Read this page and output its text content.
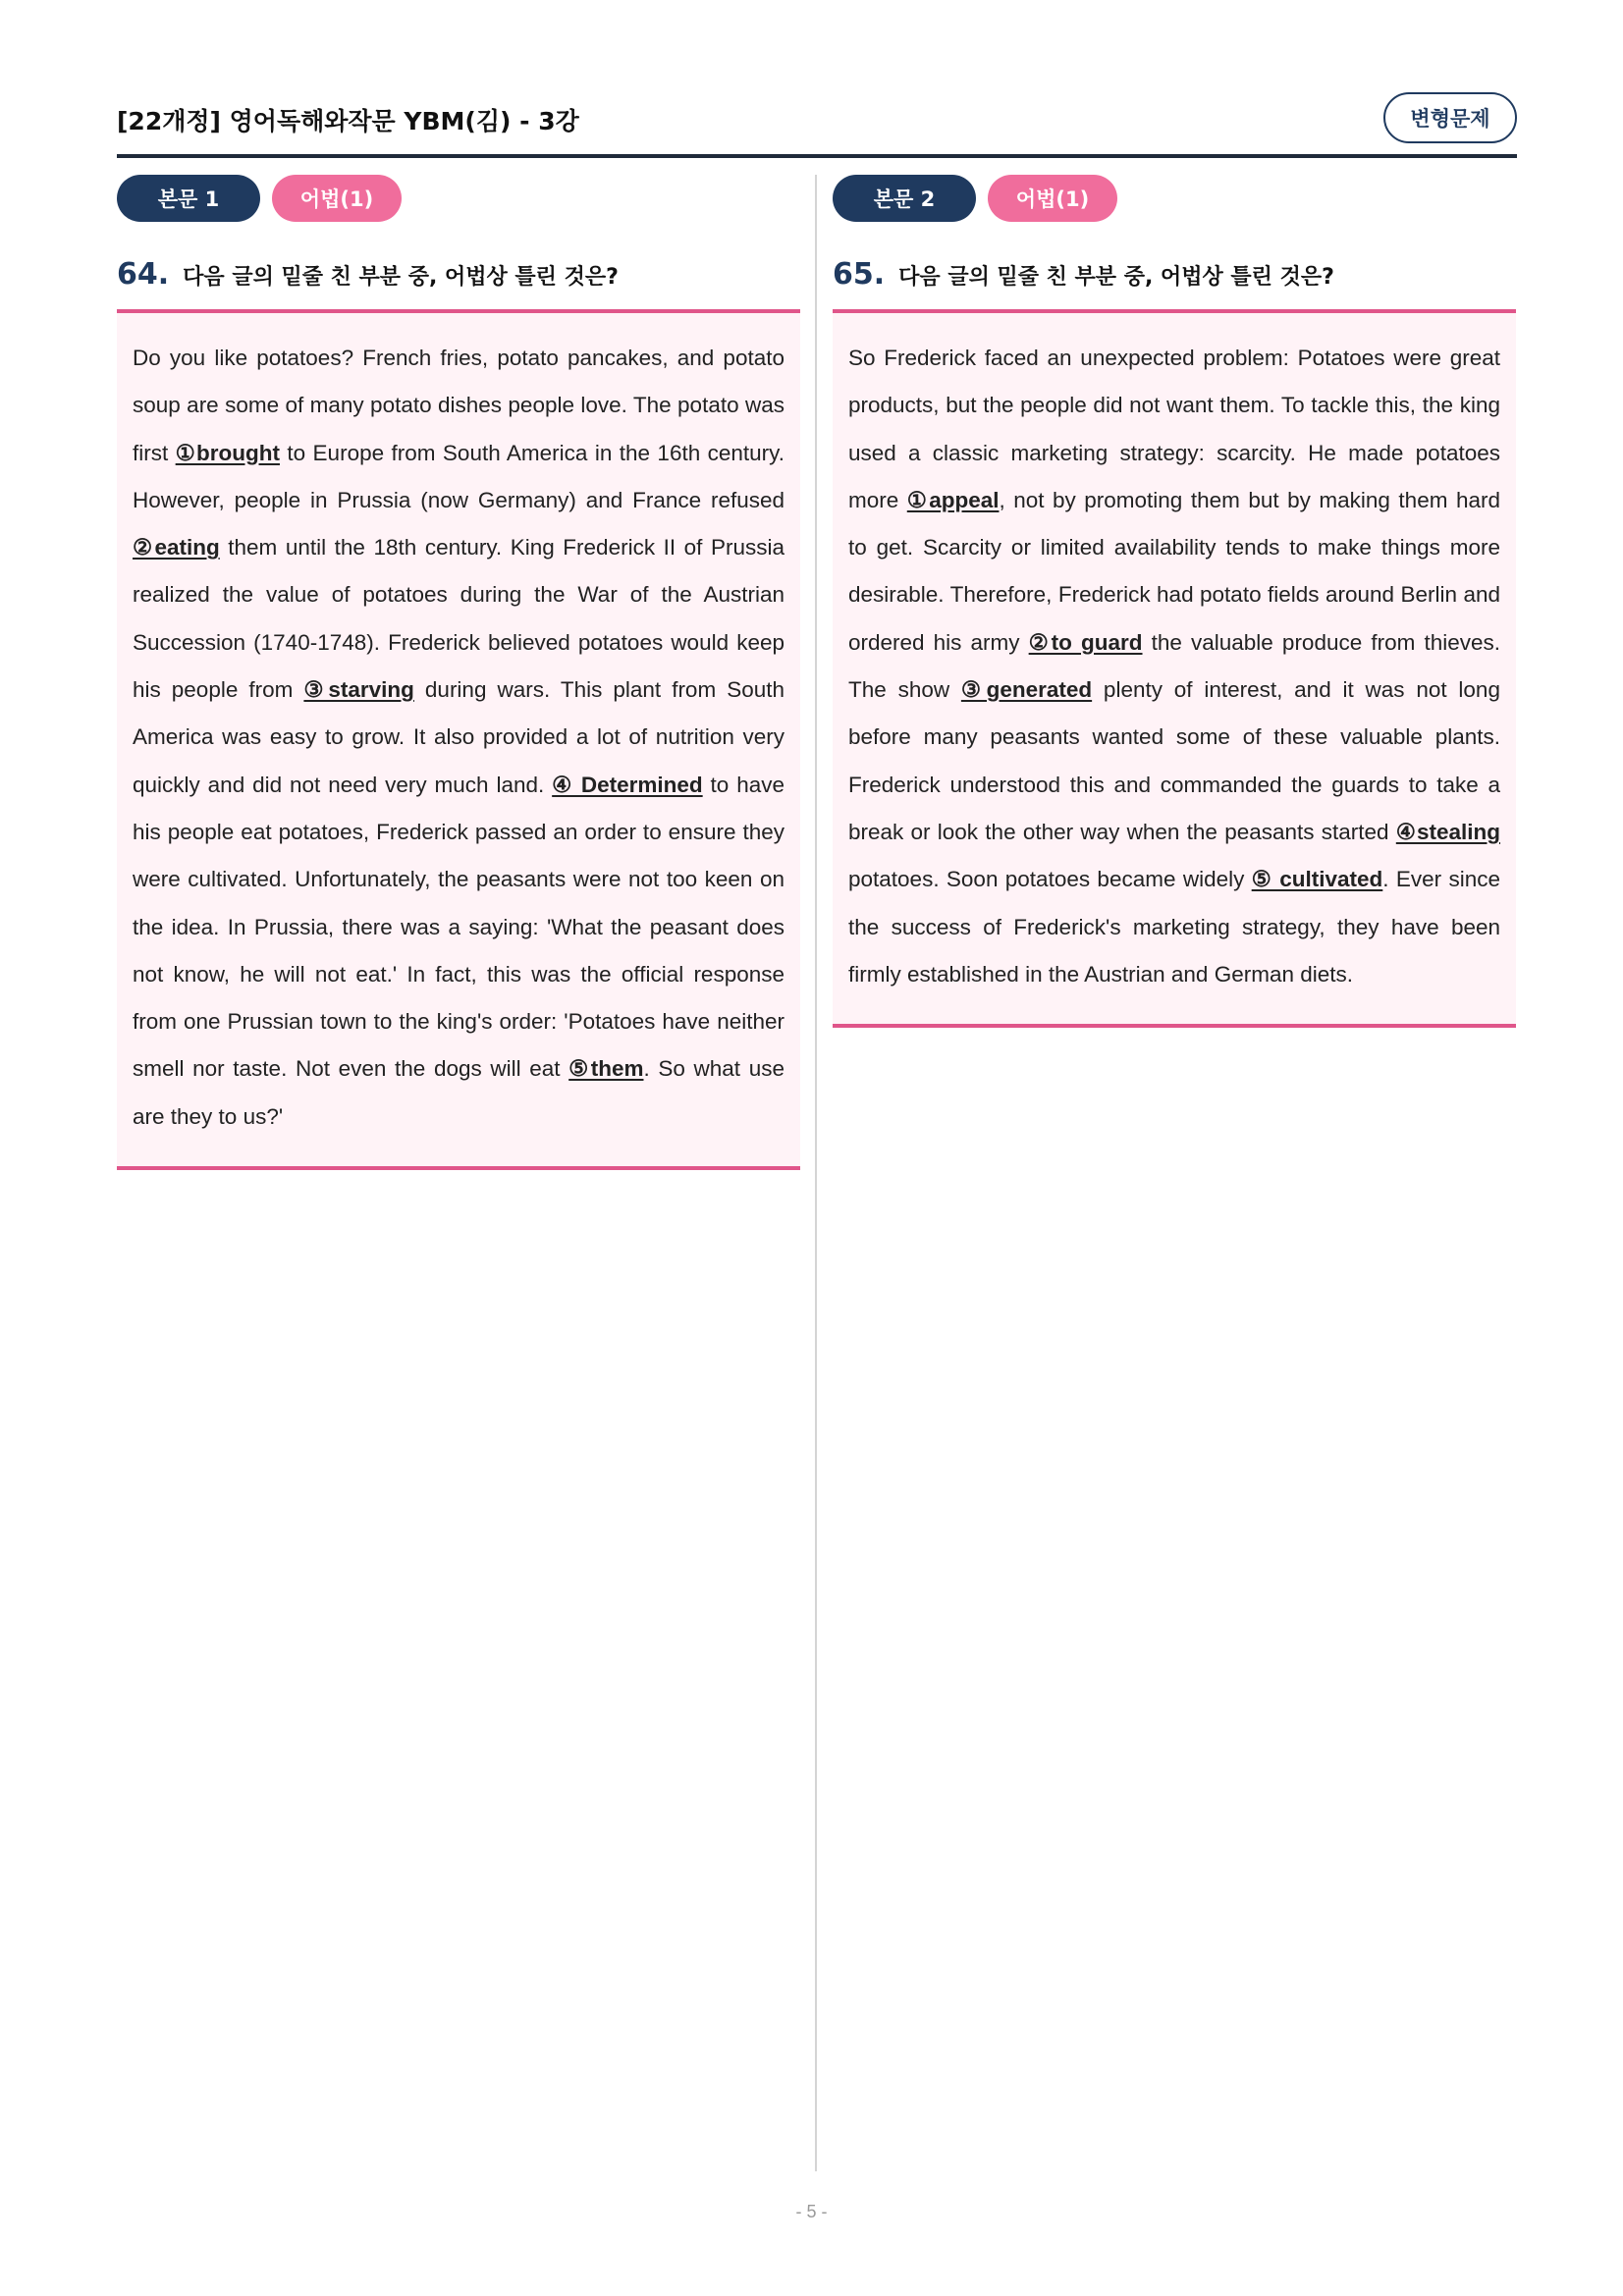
[22개정] 영어독해와작문 YBM(김) - 3강	변형문제
본문 1	어법(1)
64. 다음 글의 밑줄 친 부분 중, 어법상 틀린 것은?

Do you like potatoes? French fries, potato pancakes, and potato soup are some of many potato dishes people love. The potato was first ①brought to Europe from South America in the 16th century. However, people in Prussia (now Germany) and France refused ②eating them until the 18th century. King Frederick II of Prussia realized the value of potatoes during the War of the Austrian Succession (1740-1748). Frederick believed potatoes would keep his people from ③starving during wars. This plant from South America was easy to grow. It also provided a lot of nutrition very quickly and did not need very much land. ④ Determined to have his people eat potatoes, Frederick passed an order to ensure they were cultivated. Unfortunately, the peasants were not too keen on the idea. In Prussia, there was a saying: 'What the peasant does not know, he will not eat.' In fact, this was the official response from one Prussian town to the king's order: 'Potatoes have neither smell nor taste. Not even the dogs will eat ⑤them. So what use are they to us?'

본문 2	어법(1)
65. 다음 글의 밑줄 친 부분 중, 어법상 틀린 것은?

So Frederick faced an unexpected problem: Potatoes were great products, but the people did not want them. To tackle this, the king used a classic marketing strategy: scarcity. He made potatoes more ①appeal, not by promoting them but by making them hard to get. Scarcity or limited availability tends to make things more desirable. Therefore, Frederick had potato fields around Berlin and ordered his army ②to guard the valuable produce from thieves. The show ③generated plenty of interest, and it was not long before many peasants wanted some of these valuable plants. Frederick understood this and commanded the guards to take a break or look the other way when the peasants started ④stealing potatoes. Soon potatoes became widely ⑤ cultivated. Ever since the success of Frederick's marketing strategy, they have been firmly established in the Austrian and German diets.

- 5 -
